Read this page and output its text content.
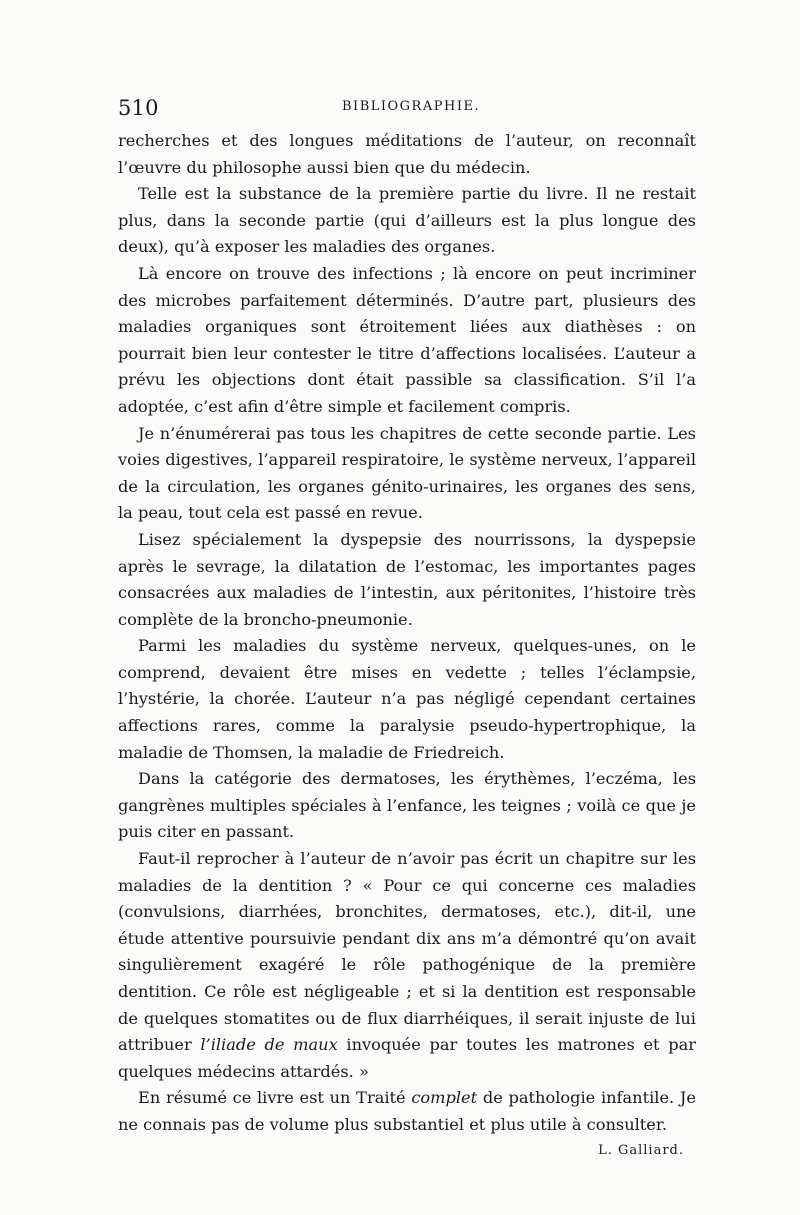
510	BIBLIOGRAPHIE.

recherches et des longues méditations de l’auteur, on reconnaît l’œuvre du philosophe aussi bien que du médecin.

Telle est la substance de la première partie du livre. Il ne restait plus, dans la seconde partie (qui d’ailleurs est la plus longue des deux), qu’à exposer les maladies des organes.

Là encore on trouve des infections ; là encore on peut incriminer des microbes parfaitement déterminés. D’autre part, plusieurs des maladies organiques sont étroitement liées aux diathèses : on pourrait bien leur contester le titre d’affections localisées. L’auteur a prévu les objections dont était passible sa classification. S’il l’a adoptée, c’est afin d’être simple et facilement compris.

Je n’énumérerai pas tous les chapitres de cette seconde partie. Les voies digestives, l’appareil respiratoire, le système nerveux, l’appareil de la circulation, les organes génito-urinaires, les organes des sens, la peau, tout cela est passé en revue.

Lisez spécialement la dyspepsie des nourrissons, la dyspepsie après le sevrage, la dilatation de l’estomac, les importantes pages consacrées aux maladies de l’intestin, aux péritonites, l’histoire très complète de la broncho-pneumonie.

Parmi les maladies du système nerveux, quelques-unes, on le comprend, devaient être mises en vedette ; telles l’éclampsie, l’hystérie, la chorée. L’auteur n’a pas négligé cependant certaines affections rares, comme la paralysie pseudo-hypertrophique, la maladie de Thomsen, la maladie de Friedreich.

Dans la catégorie des dermatoses, les érythèmes, l’eczéma, les gangrènes multiples spéciales à l’enfance, les teignes ; voilà ce que je puis citer en passant.

Faut-il reprocher à l’auteur de n’avoir pas écrit un chapitre sur les maladies de la dentition ? « Pour ce qui concerne ces maladies (convulsions, diarrhées, bronchites, dermatoses, etc.), dit-il, une étude attentive poursuivie pendant dix ans m’a démontré qu’on avait singulièrement exagéré le rôle pathogénique de la première dentition. Ce rôle est négligeable ; et si la dentition est responsable de quelques stomatites ou de flux diarrhéiques, il serait injuste de lui attribuer l’iliade de maux invoquée par toutes les matrones et par quelques médecins attardés. »

En résumé ce livre est un Traité complet de pathologie infantile. Je ne connais pas de volume plus substantiel et plus utile à consulter.

L. Galliard.
